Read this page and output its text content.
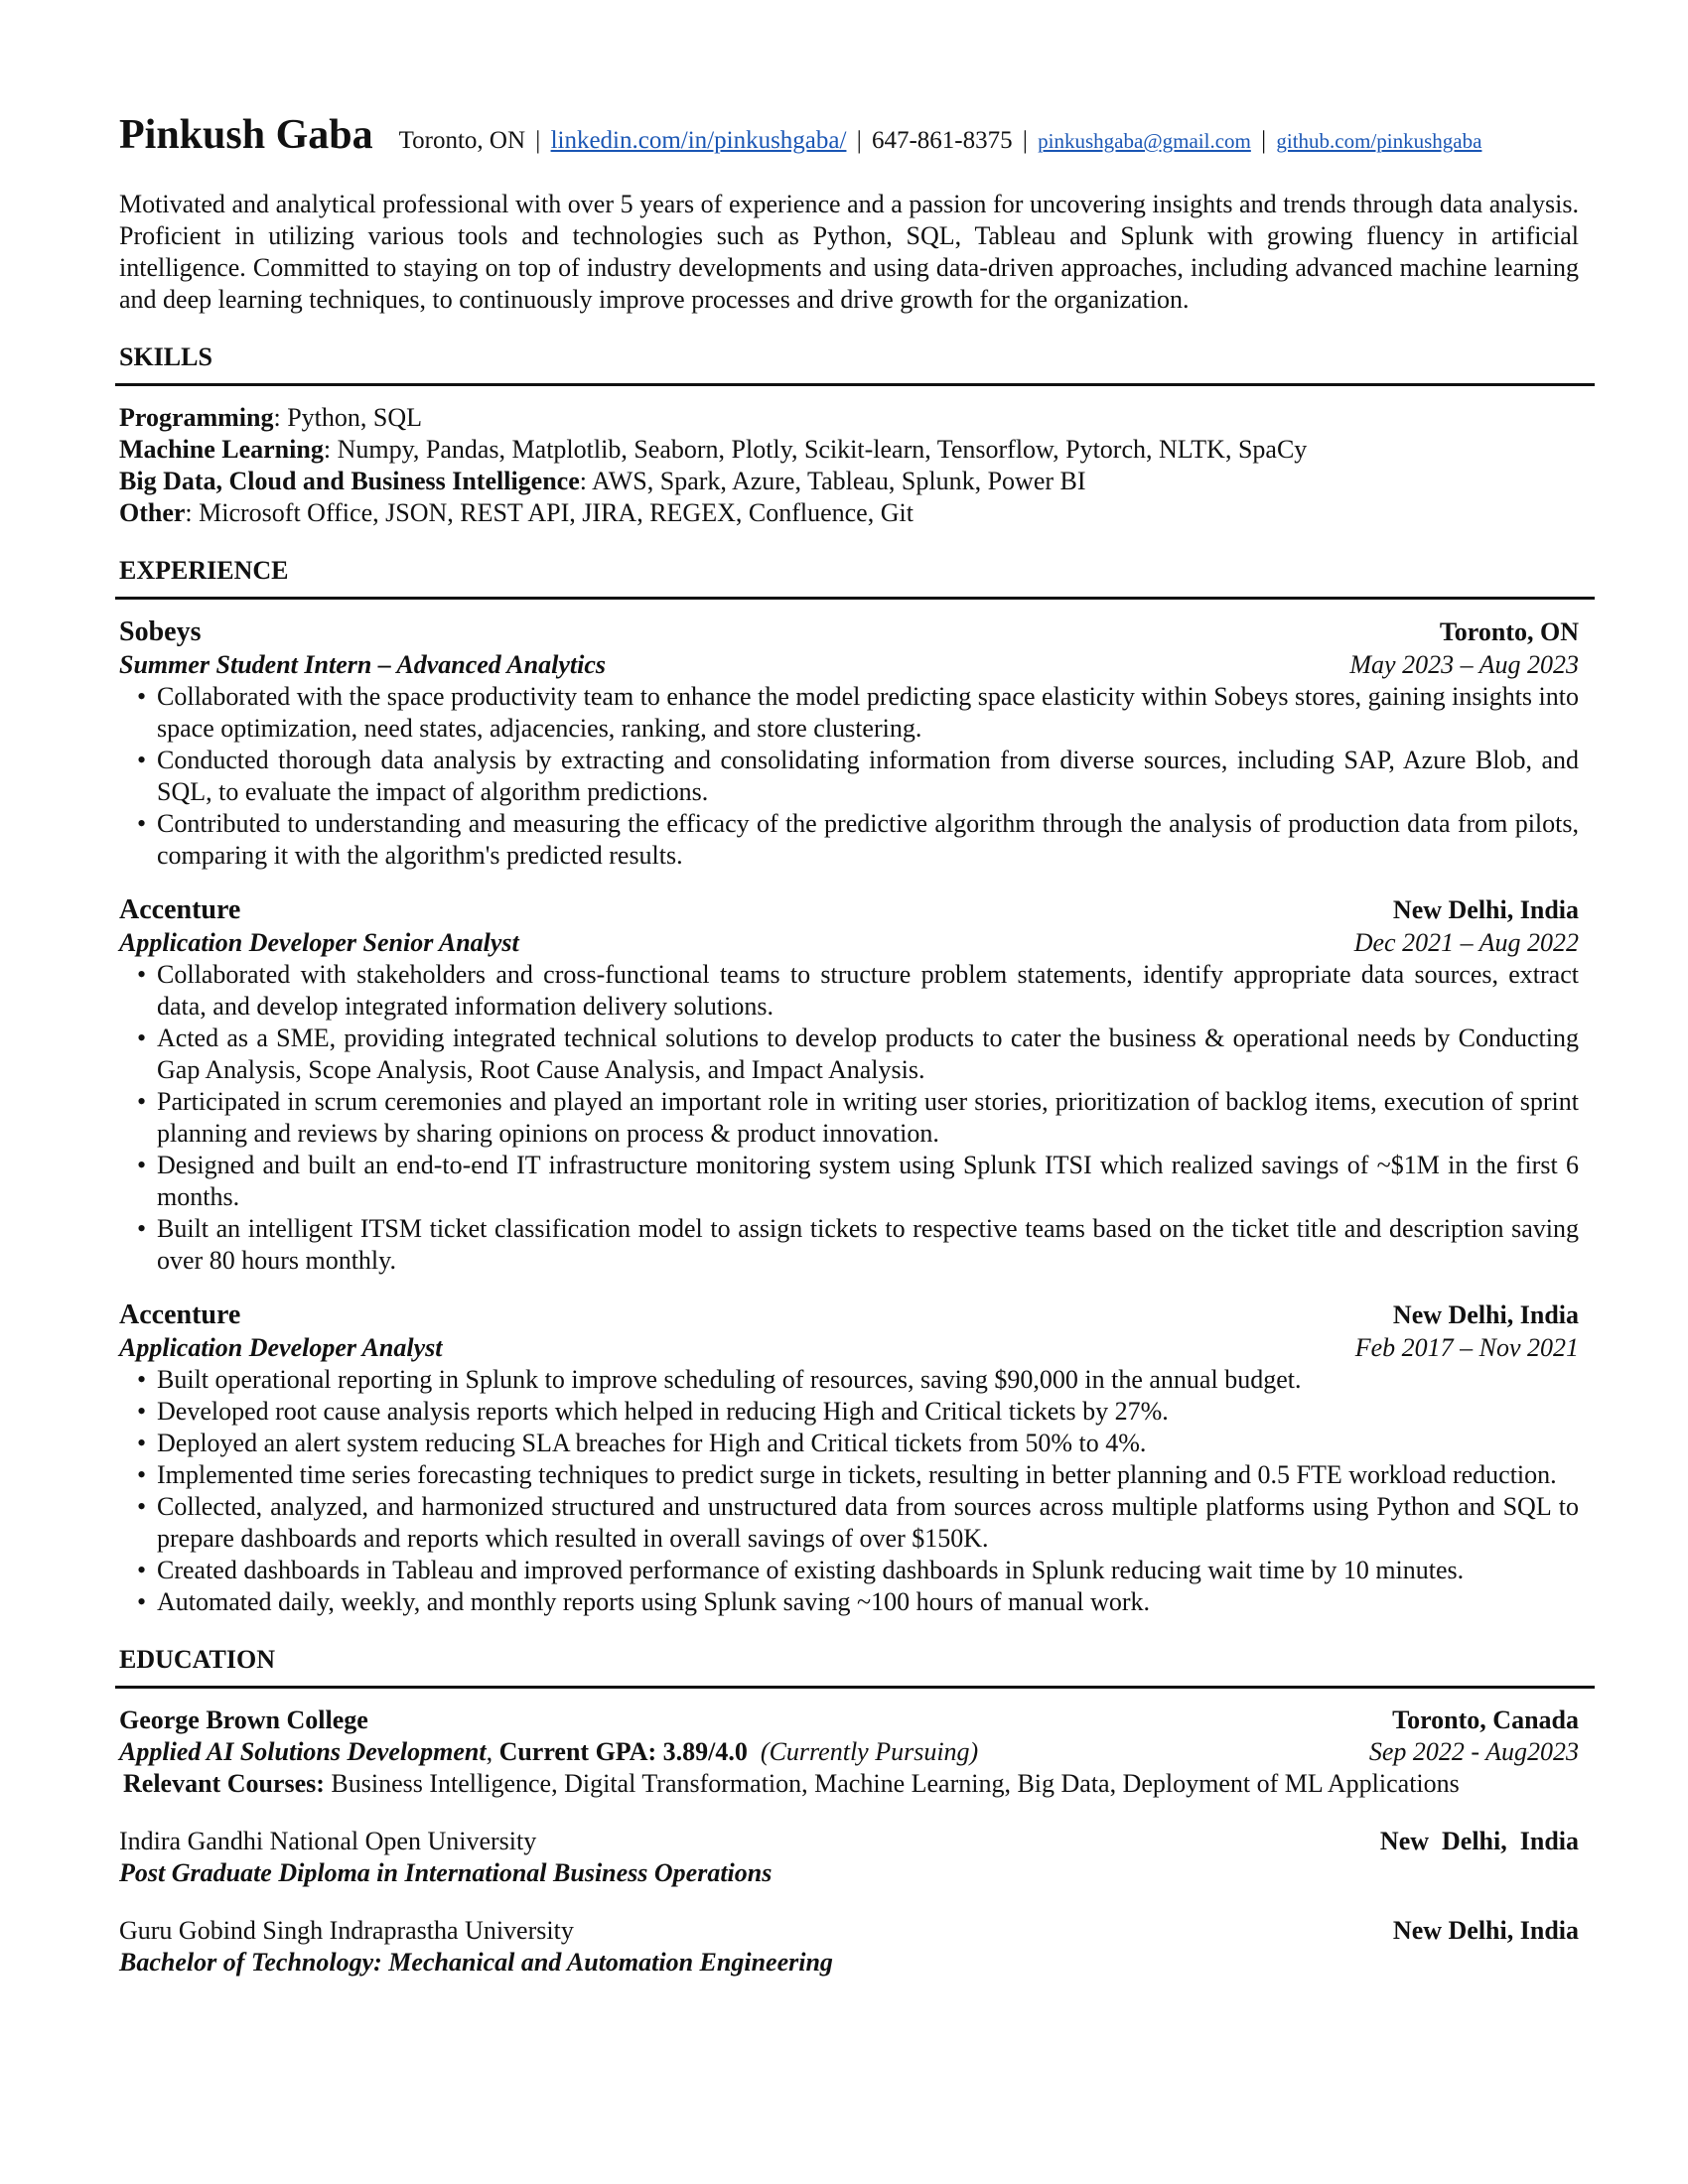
Pinkush Gaba Toronto, ON | linkedin.com/in/pinkushgaba/ | 647-861-8375 | pinkushgaba@gmail.com | github.com/pinkushgaba
Motivated and analytical professional with over 5 years of experience and a passion for uncovering insights and trends through data analysis. Proficient in utilizing various tools and technologies such as Python, SQL, Tableau and Splunk with growing fluency in artificial intelligence. Committed to staying on top of industry developments and using data-driven approaches, including advanced machine learning and deep learning techniques, to continuously improve processes and drive growth for the organization.
SKILLS
Programming: Python, SQL
Machine Learning: Numpy, Pandas, Matplotlib, Seaborn, Plotly, Scikit-learn, Tensorflow, Pytorch, NLTK, SpaCy
Big Data, Cloud and Business Intelligence: AWS, Spark, Azure, Tableau, Splunk, Power BI
Other: Microsoft Office, JSON, REST API, JIRA, REGEX, Confluence, Git
EXPERIENCE
Sobeys	Toronto, ON
Summer Student Intern – Advanced Analytics	May 2023 – Aug 2023
• Collaborated with the space productivity team to enhance the model predicting space elasticity within Sobeys stores, gaining insights into space optimization, need states, adjacencies, ranking, and store clustering.
• Conducted thorough data analysis by extracting and consolidating information from diverse sources, including SAP, Azure Blob, and SQL, to evaluate the impact of algorithm predictions.
• Contributed to understanding and measuring the efficacy of the predictive algorithm through the analysis of production data from pilots, comparing it with the algorithm's predicted results.
Accenture	New Delhi, India
Application Developer Senior Analyst	Dec 2021 – Aug 2022
• Collaborated with stakeholders and cross-functional teams to structure problem statements, identify appropriate data sources, extract data, and develop integrated information delivery solutions.
• Acted as a SME, providing integrated technical solutions to develop products to cater the business & operational needs by Conducting Gap Analysis, Scope Analysis, Root Cause Analysis, and Impact Analysis.
• Participated in scrum ceremonies and played an important role in writing user stories, prioritization of backlog items, execution of sprint planning and reviews by sharing opinions on process & product innovation.
• Designed and built an end-to-end IT infrastructure monitoring system using Splunk ITSI which realized savings of ~$1M in the first 6 months.
• Built an intelligent ITSM ticket classification model to assign tickets to respective teams based on the ticket title and description saving over 80 hours monthly.
Accenture	New Delhi, India
Application Developer Analyst	Feb 2017 – Nov 2021
• Built operational reporting in Splunk to improve scheduling of resources, saving $90,000 in the annual budget.
• Developed root cause analysis reports which helped in reducing High and Critical tickets by 27%.
• Deployed an alert system reducing SLA breaches for High and Critical tickets from 50% to 4%.
• Implemented time series forecasting techniques to predict surge in tickets, resulting in better planning and 0.5 FTE workload reduction.
• Collected, analyzed, and harmonized structured and unstructured data from sources across multiple platforms using Python and SQL to prepare dashboards and reports which resulted in overall savings of over $150K.
• Created dashboards in Tableau and improved performance of existing dashboards in Splunk reducing wait time by 10 minutes.
• Automated daily, weekly, and monthly reports using Splunk saving ~100 hours of manual work.
EDUCATION
George Brown College	Toronto, Canada
Applied AI Solutions Development, Current GPA: 3.89/4.0 (Currently Pursuing)	Sep 2022 - Aug2023
Relevant Courses: Business Intelligence, Digital Transformation, Machine Learning, Big Data, Deployment of ML Applications
Indira Gandhi National Open University	New  Delhi,  India
Post Graduate Diploma in International Business Operations
Guru Gobind Singh Indraprastha University	New Delhi, India
Bachelor of Technology: Mechanical and Automation Engineering
